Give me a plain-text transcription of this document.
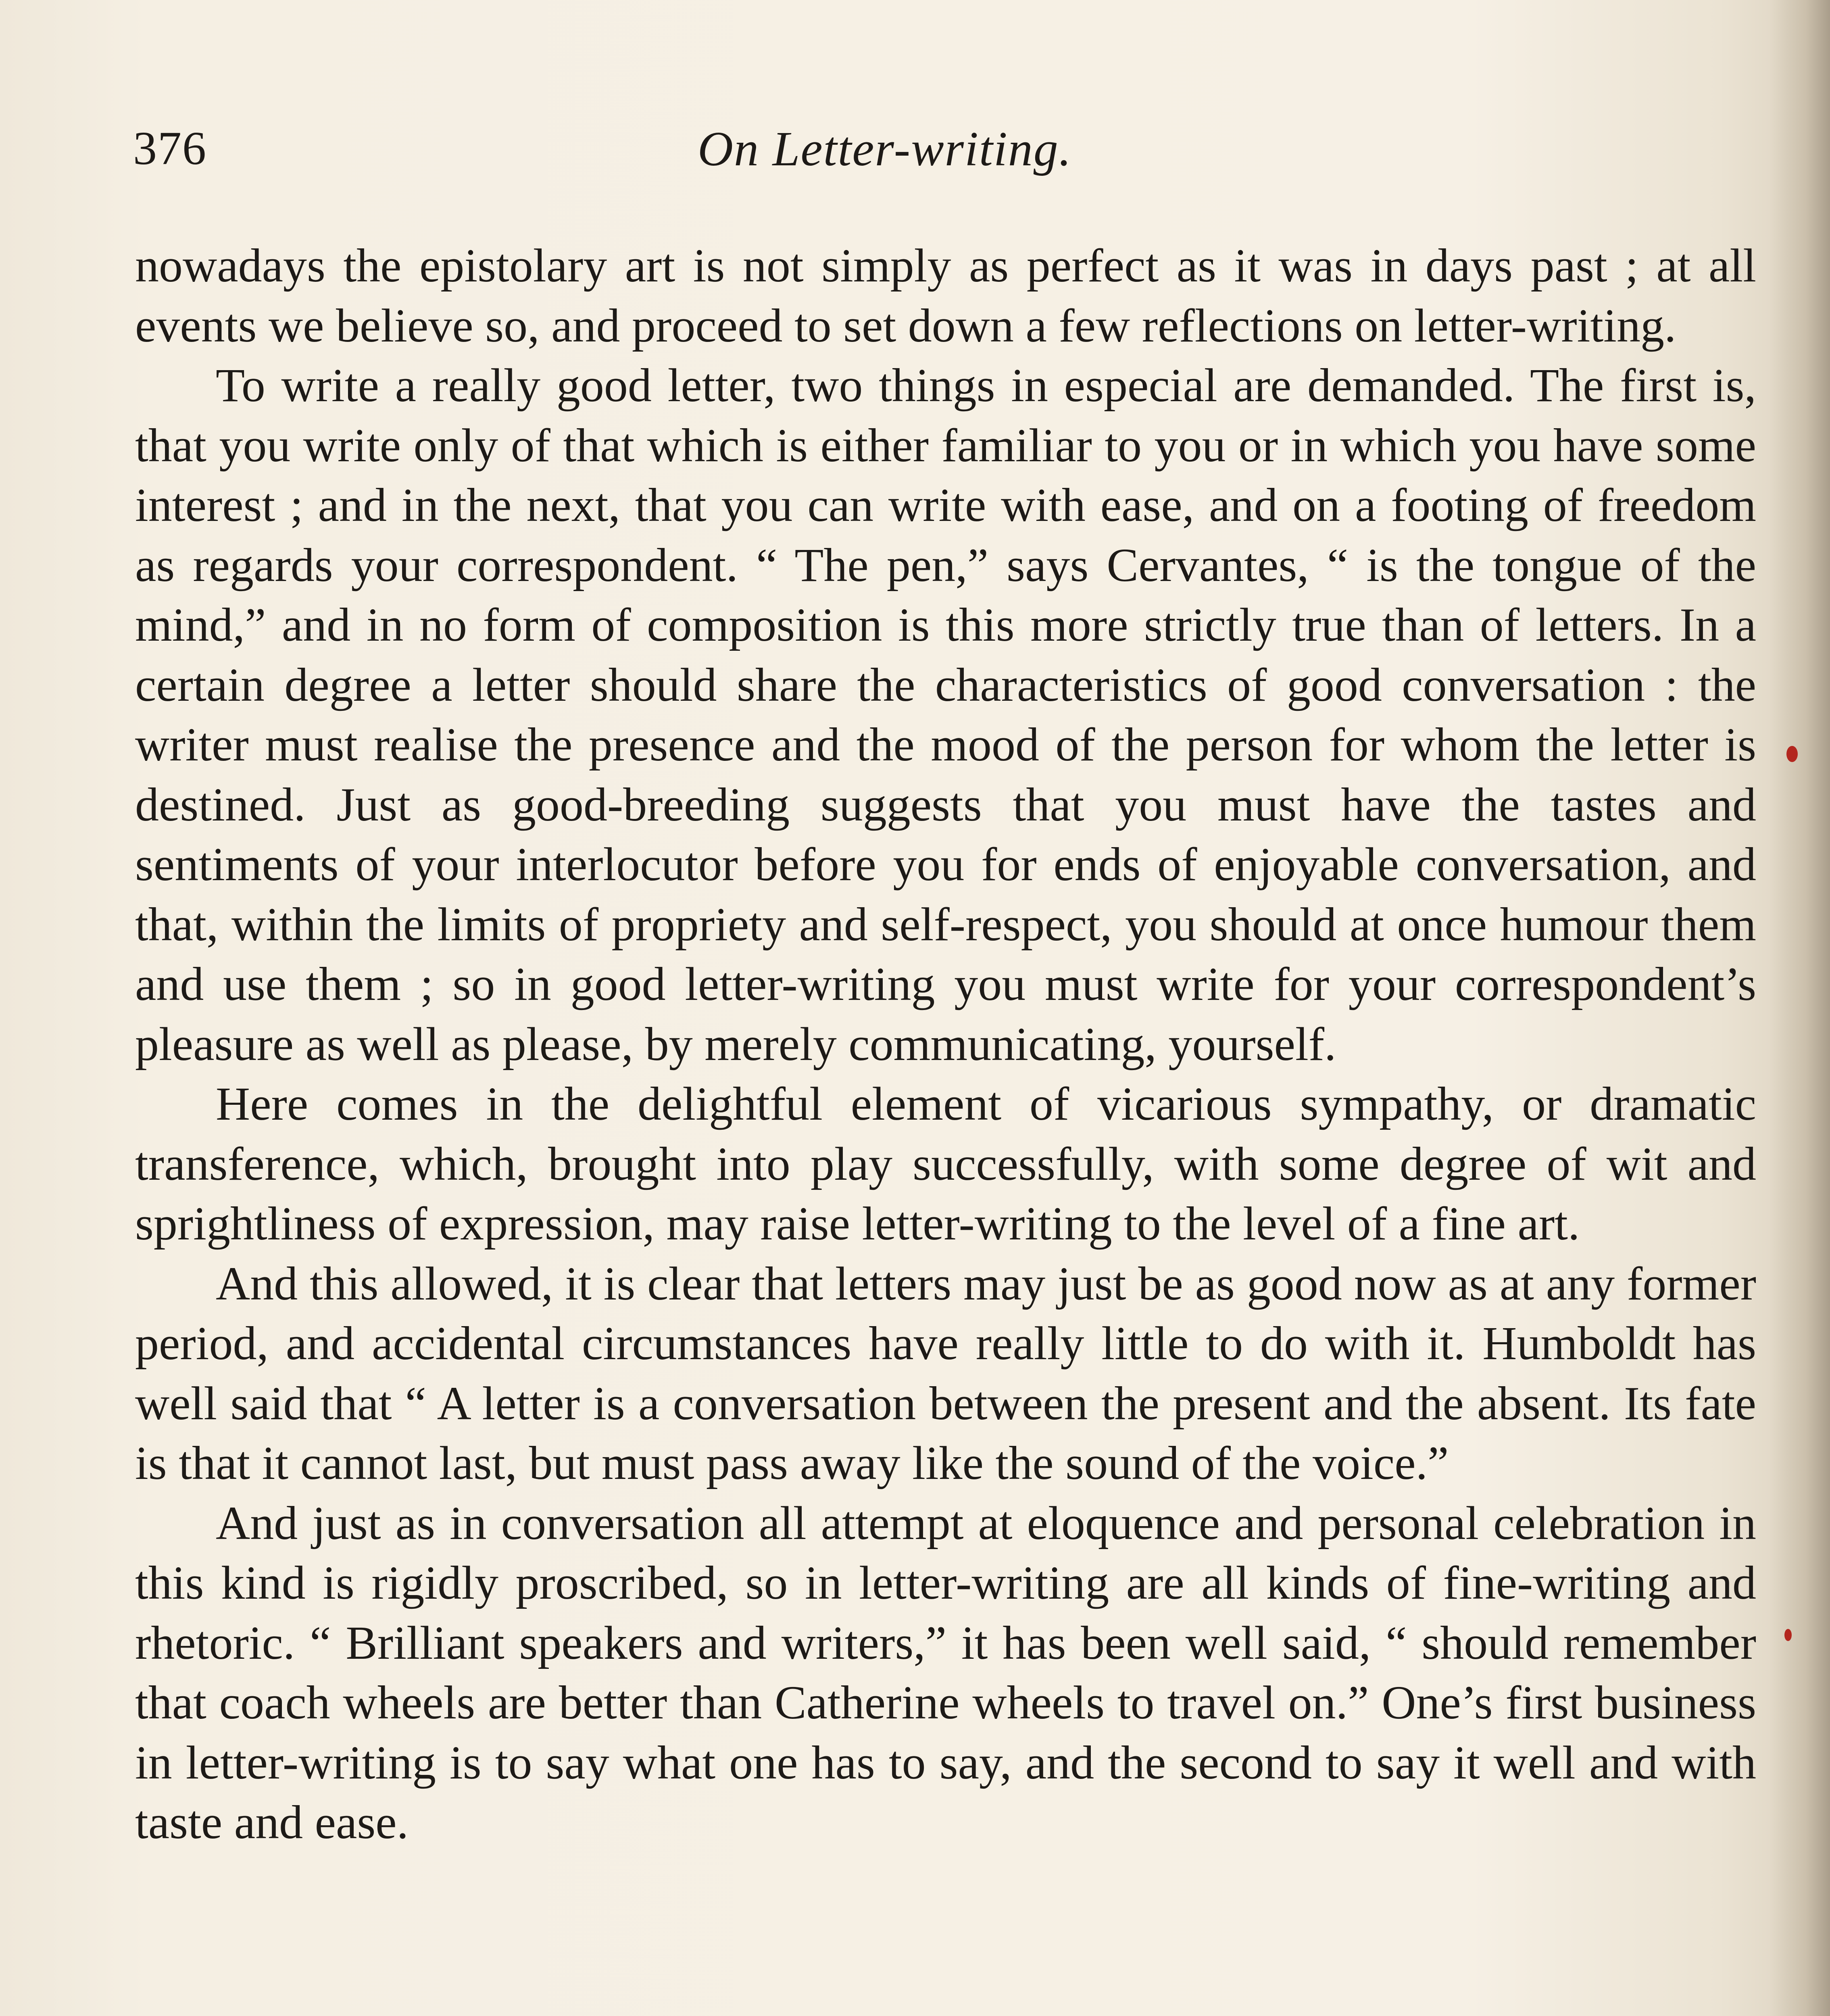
376	On Letter-writing.

nowadays the epistolary art is not simply as perfect as it was in days past ; at all events we believe so, and proceed to set down a few reflections on letter-writing.

To write a really good letter, two things in especial are demanded. The first is, that you write only of that which is either familiar to you or in which you have some interest ; and in the next, that you can write with ease, and on a footing of freedom as regards your correspondent. “ The pen,” says Cervantes, “ is the tongue of the mind,” and in no form of composition is this more strictly true than of letters. In a certain degree a letter should share the characteristics of good conversation : the writer must realise the presence and the mood of the person for whom the letter is destined. Just as good-breeding suggests that you must have the tastes and sentiments of your interlocutor before you for ends of enjoyable conversation, and that, within the limits of propriety and self-respect, you should at once humour them and use them ; so in good letter-writing you must write for your correspondent’s pleasure as well as please, by merely communicating, yourself.

Here comes in the delightful element of vicarious sympathy, or dramatic transference, which, brought into play successfully, with some degree of wit and sprightliness of expression, may raise letter-writing to the level of a fine art.

And this allowed, it is clear that letters may just be as good now as at any former period, and accidental circumstances have really little to do with it. Humboldt has well said that “ A letter is a conversation between the present and the absent. Its fate is that it cannot last, but must pass away like the sound of the voice.”

And just as in conversation all attempt at eloquence and personal celebration in this kind is rigidly proscribed, so in letter-writing are all kinds of fine-writing and rhetoric. “ Brilliant speakers and writers,” it has been well said, “ should remember that coach wheels are better than Catherine wheels to travel on.” One’s first business in letter-writing is to say what one has to say, and the second to say it well and with taste and ease.
